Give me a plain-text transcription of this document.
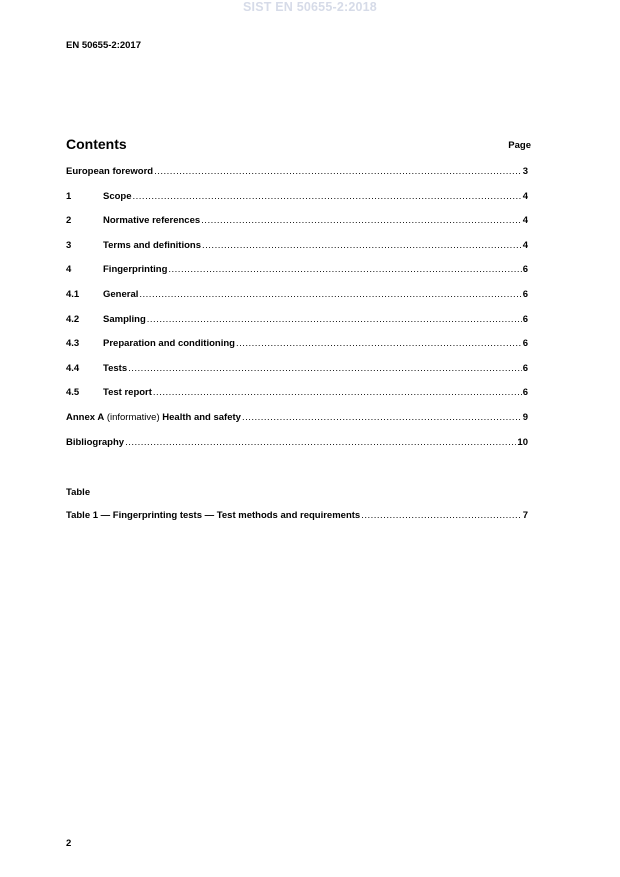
SIST EN 50655-2:2018
EN 50655-2:2017
Contents	Page
European foreword .....	3
1	Scope .....	4
2	Normative references .....	4
3	Terms and definitions .....	4
4	Fingerprinting .....	6
4.1	General .....	6
4.2	Sampling .....	6
4.3	Preparation and conditioning .....	6
4.4	Tests .....	6
4.5	Test report .....	6
Annex A (informative) Health and safety .....	9
Bibliography .....	10
Table
Table 1 — Fingerprinting tests — Test methods and requirements .....	7
2
